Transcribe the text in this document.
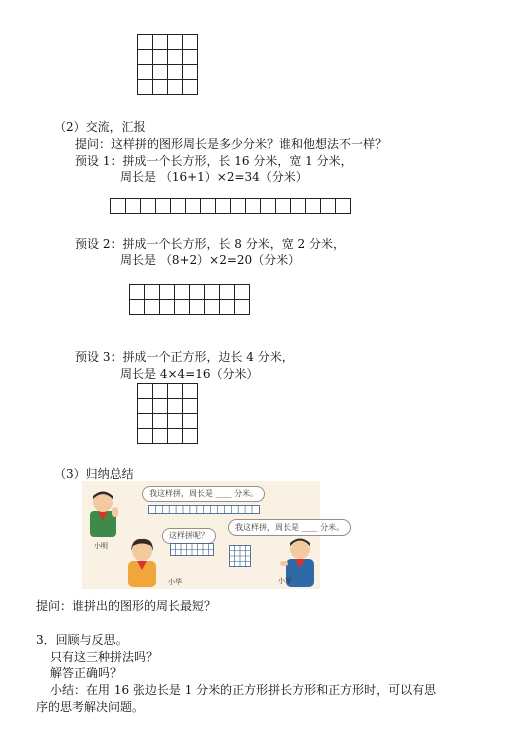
（2）交流，汇报
提问：这样拼的图形周长是多少分米？谁和他想法不一样？
预设 1：拼成一个长方形，长 16 分米，宽 1 分米，
周长是 （16+1）×2=34（分米）
预设 2：拼成一个长方形，长 8 分米，宽 2 分米，
周长是 （8+2）×2=20（分米）
预设 3：拼成一个正方形，边长 4 分米，
周长是 4×4=16（分米）
（3）归纳总结
小明
我这样拼，周长是 ____ 分米。
这样拼呢？
小华
我这样拼，周长是 ____ 分米。
小军
提问：谁拼出的图形的周长最短？
3．回顾与反思。
只有这三种拼法吗？
解答正确吗？
小结：在用 16 张边长是 1 分米的正方形拼长方形和正方形时，可以有思
序的思考解决问题。
